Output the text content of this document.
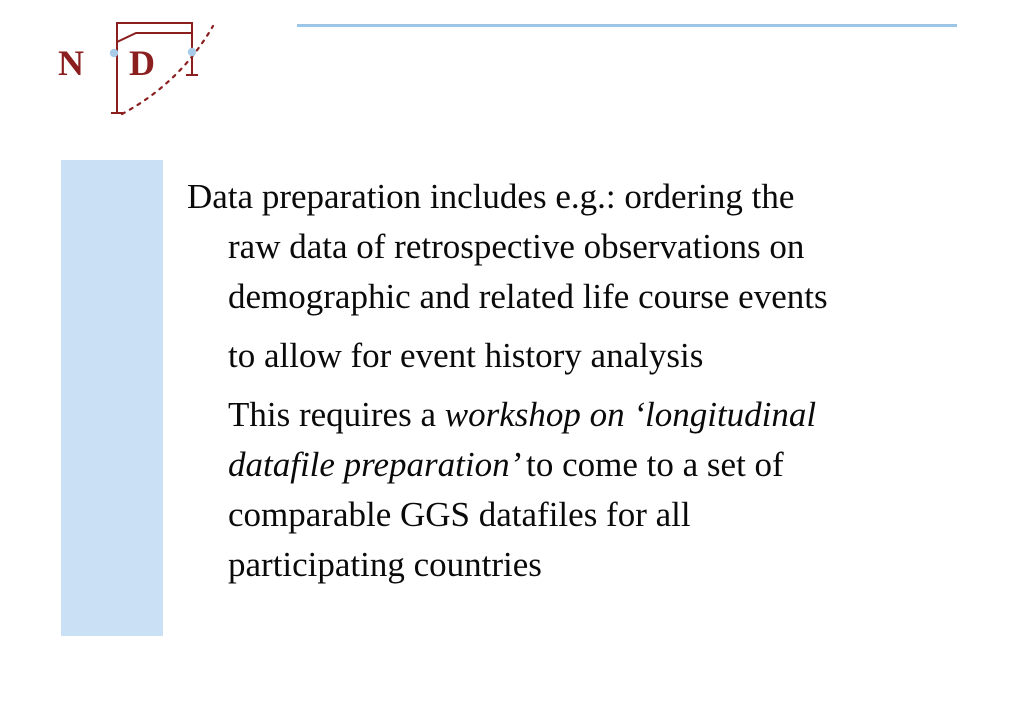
N D
Data preparation includes e.g.: ordering the
raw data of retrospective observations on
demographic and related life course events
to allow for event history analysis
This requires a workshop on ‘longitudinal
datafile preparation’ to come to a set of
comparable GGS datafiles for all
participating countries
